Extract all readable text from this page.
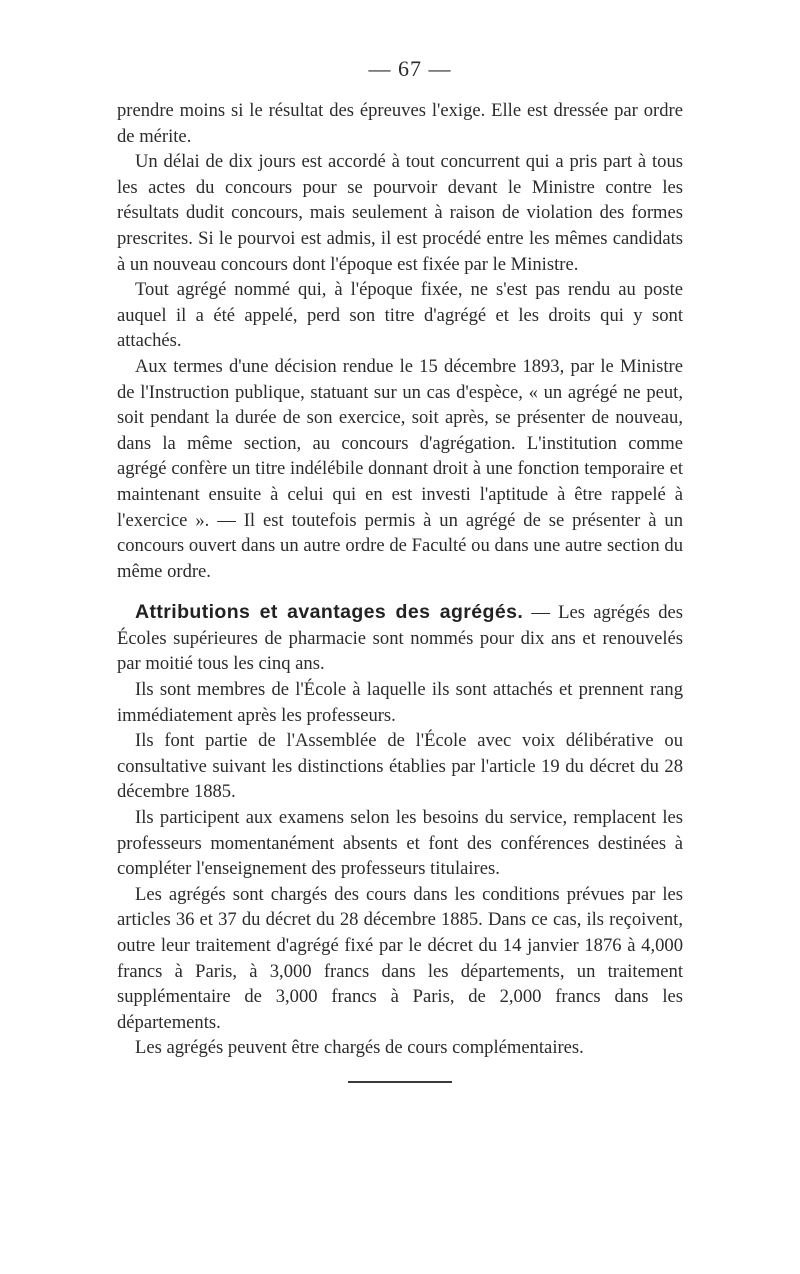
— 67 —

prendre moins si le résultat des épreuves l'exige. Elle est dressée par ordre de mérite.

Un délai de dix jours est accordé à tout concurrent qui a pris part à tous les actes du concours pour se pourvoir devant le Ministre contre les résultats dudit concours, mais seulement à raison de violation des formes prescrites. Si le pourvoi est admis, il est procédé entre les mêmes candidats à un nouveau concours dont l'époque est fixée par le Ministre.

Tout agrégé nommé qui, à l'époque fixée, ne s'est pas rendu au poste auquel il a été appelé, perd son titre d'agrégé et les droits qui y sont attachés.

Aux termes d'une décision rendue le 15 décembre 1893, par le Ministre de l'Instruction publique, statuant sur un cas d'espèce, « un agrégé ne peut, soit pendant la durée de son exercice, soit après, se présenter de nouveau, dans la même section, au concours d'agrégation. L'institution comme agrégé confère un titre indélébile donnant droit à une fonction temporaire et maintenant ensuite à celui qui en est investi l'aptitude à être rappelé à l'exercice ». — Il est toutefois permis à un agrégé de se présenter à un concours ouvert dans un autre ordre de Faculté ou dans une autre section du même ordre.

Attributions et avantages des agrégés. — Les agrégés des Écoles supérieures de pharmacie sont nommés pour dix ans et renouvelés par moitié tous les cinq ans.

Ils sont membres de l'École à laquelle ils sont attachés et prennent rang immédiatement après les professeurs.

Ils font partie de l'Assemblée de l'École avec voix délibérative ou consultative suivant les distinctions établies par l'article 19 du décret du 28 décembre 1885.

Ils participent aux examens selon les besoins du service, remplacent les professeurs momentanément absents et font des conférences destinées à compléter l'enseignement des professeurs titulaires.

Les agrégés sont chargés des cours dans les conditions prévues par les articles 36 et 37 du décret du 28 décembre 1885. Dans ce cas, ils reçoivent, outre leur traitement d'agrégé fixé par le décret du 14 janvier 1876 à 4,000 francs à Paris, à 3,000 francs dans les départements, un traitement supplémentaire de 3,000 francs à Paris, de 2,000 francs dans les départements.

Les agrégés peuvent être chargés de cours complémentaires.
